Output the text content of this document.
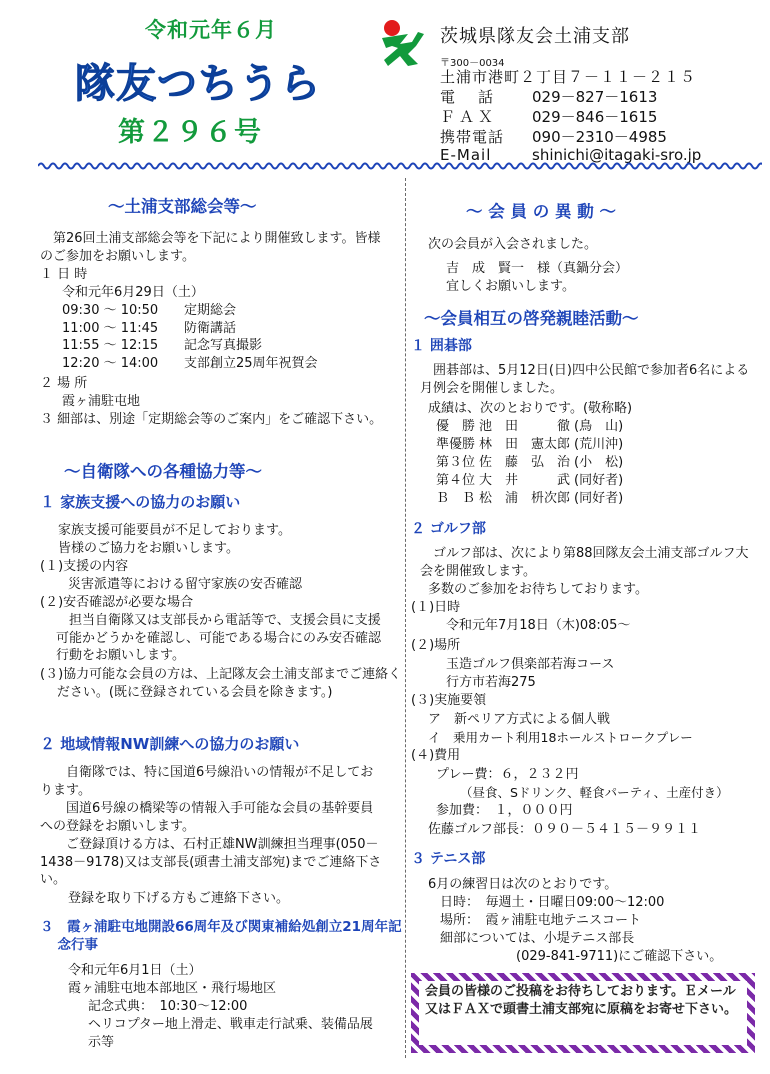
令和元年６月
隊友つちうら
第２９６号
茨城県隊友会土浦支部
〒300－0034
土浦市港町２丁目７－１１－２１５
電　話 029－827－1613
ＦＡＸ 029－846－1615
携帯電話 090－2310－4985
E-Mail	shinichi@itagaki-sro.jp
～土浦支部総会等～
第26回土浦支部総会等を下記により開催致します。皆様のご参加をお願いします。
１ 日 時
令和元年6月29日（土）
09:30 ～ 10:50 定期総会
11:00 ～ 11:45 防衛講話
11:55 ～ 12:15 記念写真撮影
12:20 ～ 14:00 支部創立25周年祝賀会
２ 場 所
霞ヶ浦駐屯地
３ 細部は、別途「定期総会等のご案内」をご確認下さい。
～自衛隊への各種協力等～
１ 家族支援への協力のお願い
家族支援可能要員が不足しております。
皆様のご協力をお願いします。
(１)支援の内容
災害派遣等における留守家族の安否確認
(２)安否確認が必要な場合
担当自衛隊又は支部長から電話等で、支援会員に支援可能かどうかを確認し、可能である場合にのみ安否確認行動をお願いします。
(３)協力可能な会員の方は、上記隊友会土浦支部までご連絡ください。(既に登録されている会員を除きます。)
２ 地域情報NW訓練への協力のお願い
自衛隊では、特に国道6号線沿いの情報が不足しております。
国道6号線の橋梁等の情報入手可能な会員の基幹要員への登録をお願いします。
ご登録頂ける方は、石村正雄NW訓練担当理事(050－1438－9178)又は支部長(頭書土浦支部宛)までご連絡下さい。
登録を取り下げる方もご連絡下さい。
３　霞ヶ浦駐屯地開設66周年及び関東補給処創立21周年記念行事
令和元年6月1日（土）
霞ヶ浦駐屯地本部地区・飛行場地区
記念式典：　10:30～12:00
ヘリコプター地上滑走、戦車走行試乗、装備品展示等
～ 会 員 の 異 動 ～
次の会員が入会されました。
吉　成　賢一　様（真鍋分会）
宜しくお願いします。
～会員相互の啓発親睦活動～
１ 囲碁部
囲碁部は、5月12日(日)四中公民館で参加者6名による月例会を開催しました。
成績は、次のとおりです。(敬称略)
優　勝	池　田　　　徹	(鳥　山)
準優勝	林　田　憲太郎	(荒川沖)
第３位	佐　藤　弘　治	(小　松)
第４位	大　井　　　武	(同好者)
Ｂ　Ｂ	松　浦　枡次郎	(同好者)
２ ゴルフ部
ゴルフ部は、次により第88回隊友会土浦支部ゴルフ大会を開催致します。
多数のご参加をお待ちしております。
(１)日時
令和元年7月18日（木)08:05～
(２)場所
玉造ゴルフ倶楽部若海コース
行方市若海275
(３)実施要領
ア　新ペリア方式による個人戦
イ　乗用カート利用18ホールストロークプレー
(４)費用
プレー費：６，２３２円
（昼食、Sドリンク、軽食パーティ、土産付き）
参加費：　１，０００円
佐藤ゴルフ部長：０９０－５４１５－９９１１
３ テニス部
6月の練習日は次のとおりです。
日時：　毎週土・日曜日09:00～12:00
場所：　霞ヶ浦駐屯地テニスコート
細部については、小堤テニス部長
(029-841-9711)にご確認下さい。
会員の皆様のご投稿をお待ちしております。Ｅメール又はＦＡＸで頭書土浦支部宛に原稿をお寄せ下さい。
